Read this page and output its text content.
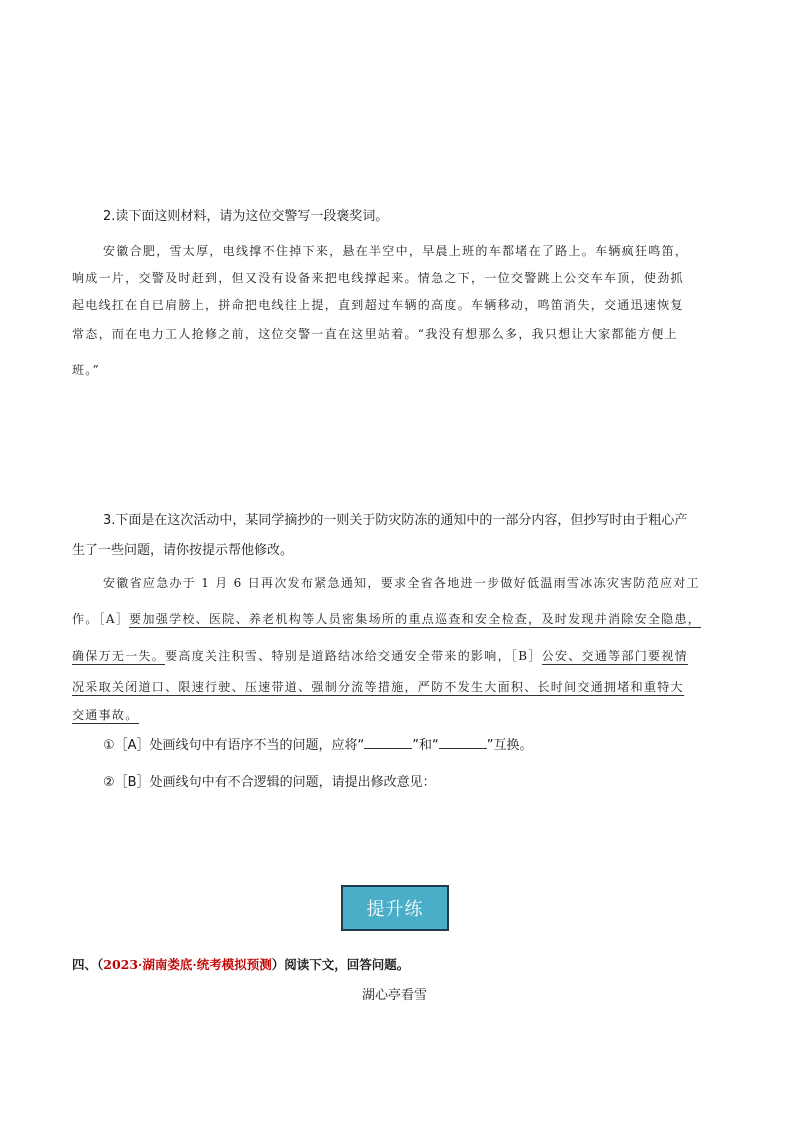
2.读下面这则材料，请为这位交警写一段褒奖词。
安徽合肥，雪太厚，电线撑不住掉下来，悬在半空中，早晨上班的车都堵在了路上。车辆疯狂鸣笛，
响成一片，交警及时赶到，但又没有设备来把电线撑起来。情急之下，一位交警跳上公交车车顶，使劲抓
起电线扛在自已肩膀上，拼命把电线往上提，直到超过车辆的高度。车辆移动，鸣笛消失，交通迅速恢复
常态，而在电力工人抢修之前，这位交警一直在这里站着。“我没有想那么多，我只想让大家都能方便上
班。”
3.下面是在这次活动中，某同学摘抄的一则关于防灾防冻的通知中的一部分内容，但抄写时由于粗心产
生了一些问题，请你按提示帮他修改。
安徽省应急办于 1 月 6 日再次发布紧急通知，要求全省各地进一步做好低温雨雪冰冻灾害防范应对工
作。［A］要加强学校、医院、养老机构等人员密集场所的重点巡查和安全检查，及时发现并消除安全隐患，
确保万无一失。要高度关注积雪、特别是道路结冰给交通安全带来的影响，［B］公安、交通等部门要视情
况采取关闭道口、限速行驶、压速带道、强制分流等措施，严防不发生大面积、长时间交通拥堵和重特大
交通事故。
①［A］处画线句中有语序不当的问题，应将“	”和“	”互换。
②［B］处画线句中有不合逻辑的问题，请提出修改意见：
提升练
四、（2023·湖南娄底·统考模拟预测）阅读下文，回答问题。
湖心亭看雪
